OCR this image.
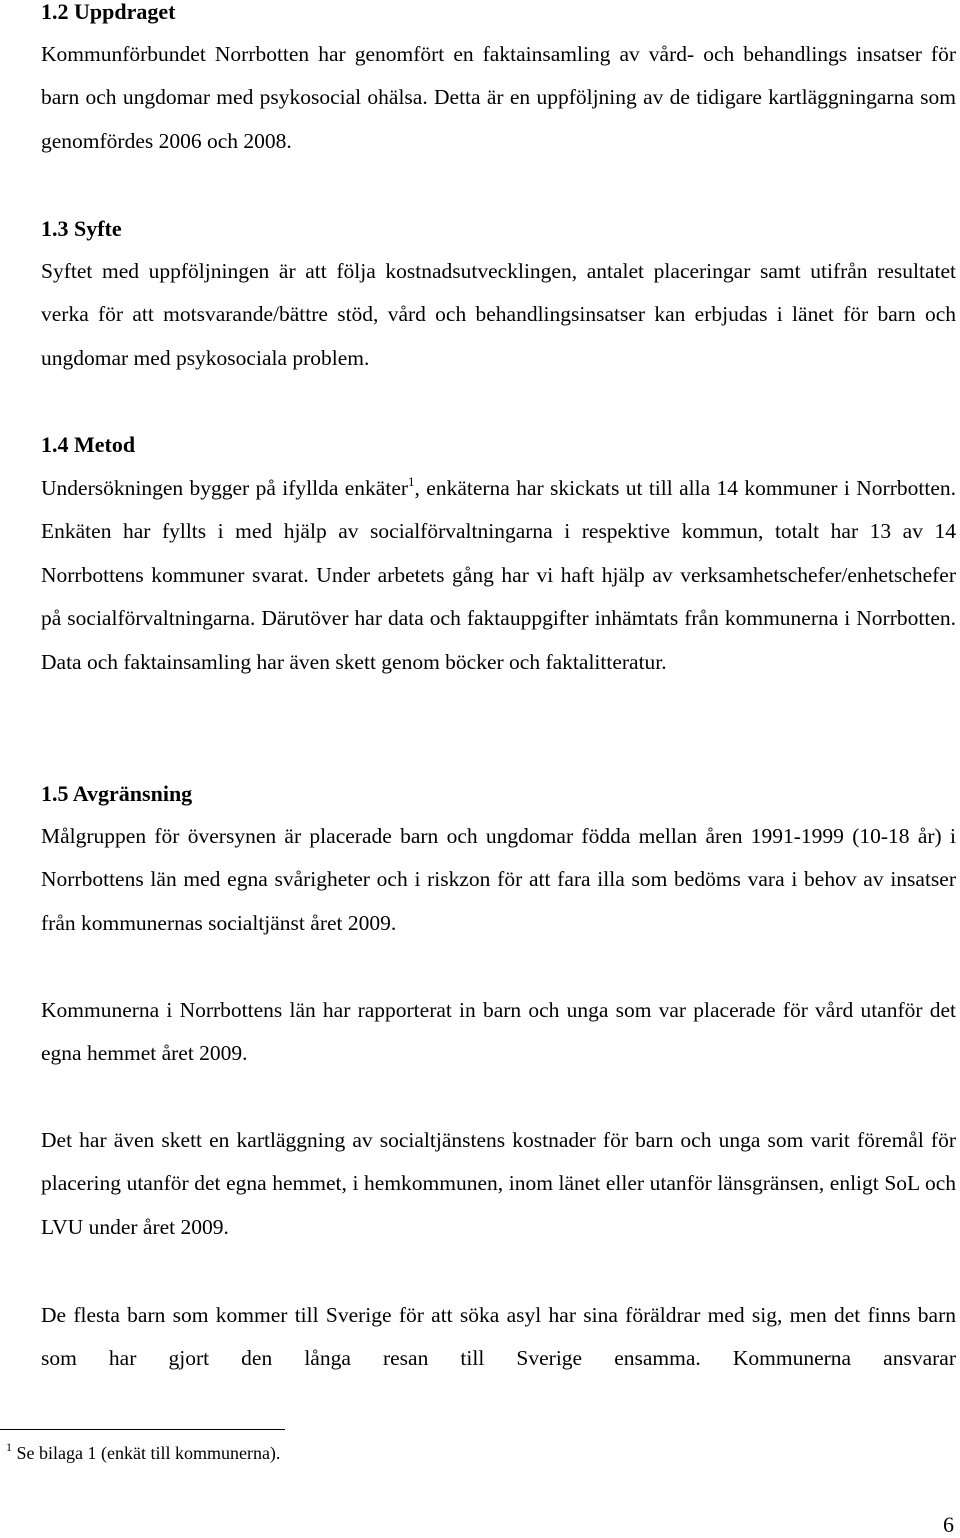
1.2 Uppdraget

Kommunförbundet Norrbotten har genomfört en faktainsamling av vård- och behandlings insatser för barn och ungdomar med psykosocial ohälsa. Detta är en uppföljning av de tidigare kartläggningarna som genomfördes 2006 och 2008.

1.3 Syfte

Syftet med uppföljningen är att följa kostnadsutvecklingen, antalet placeringar samt utifrån resultatet verka för att motsvarande/bättre stöd, vård och behandlingsinsatser kan erbjudas i länet för barn och ungdomar med psykosociala problem.

1.4 Metod

Undersökningen bygger på ifyllda enkäter$^1$, enkäterna har skickats ut till alla 14 kommuner i Norrbotten. Enkäten har fyllts i med hjälp av socialförvaltningarna i respektive kommun, totalt har 13 av 14 Norrbottens kommuner svarat. Under arbetets gång har vi haft hjälp av verksamhetschefer/enhetschefer på socialförvaltningarna. Därutöver har data och faktauppgifter inhämtats från kommunerna i Norrbotten. Data och faktainsamling har även skett genom böcker och faktalitteratur.

1.5 Avgränsning

Målgruppen för översynen är placerade barn och ungdomar födda mellan åren 1991-1999 (10-18 år) i Norrbottens län med egna svårigheter och i riskzon för att fara illa som bedöms vara i behov av insatser från kommunernas socialtjänst året 2009.

Kommunerna i Norrbottens län har rapporterat in barn och unga som var placerade för vård utanför det egna hemmet året 2009.

Det har även skett en kartläggning av socialtjänstens kostnader för barn och unga som varit föremål för placering utanför det egna hemmet, i hemkommunen, inom länet eller utanför länsgränsen, enligt SoL och LVU under året 2009.

De flesta barn som kommer till Sverige för att söka asyl har sina föräldrar med sig, men det finns barn som har gjort den långa resan till Sverige ensamma. Kommunerna ansvarar

$^1$ Se bilaga 1 (enkät till kommunerna).
6
